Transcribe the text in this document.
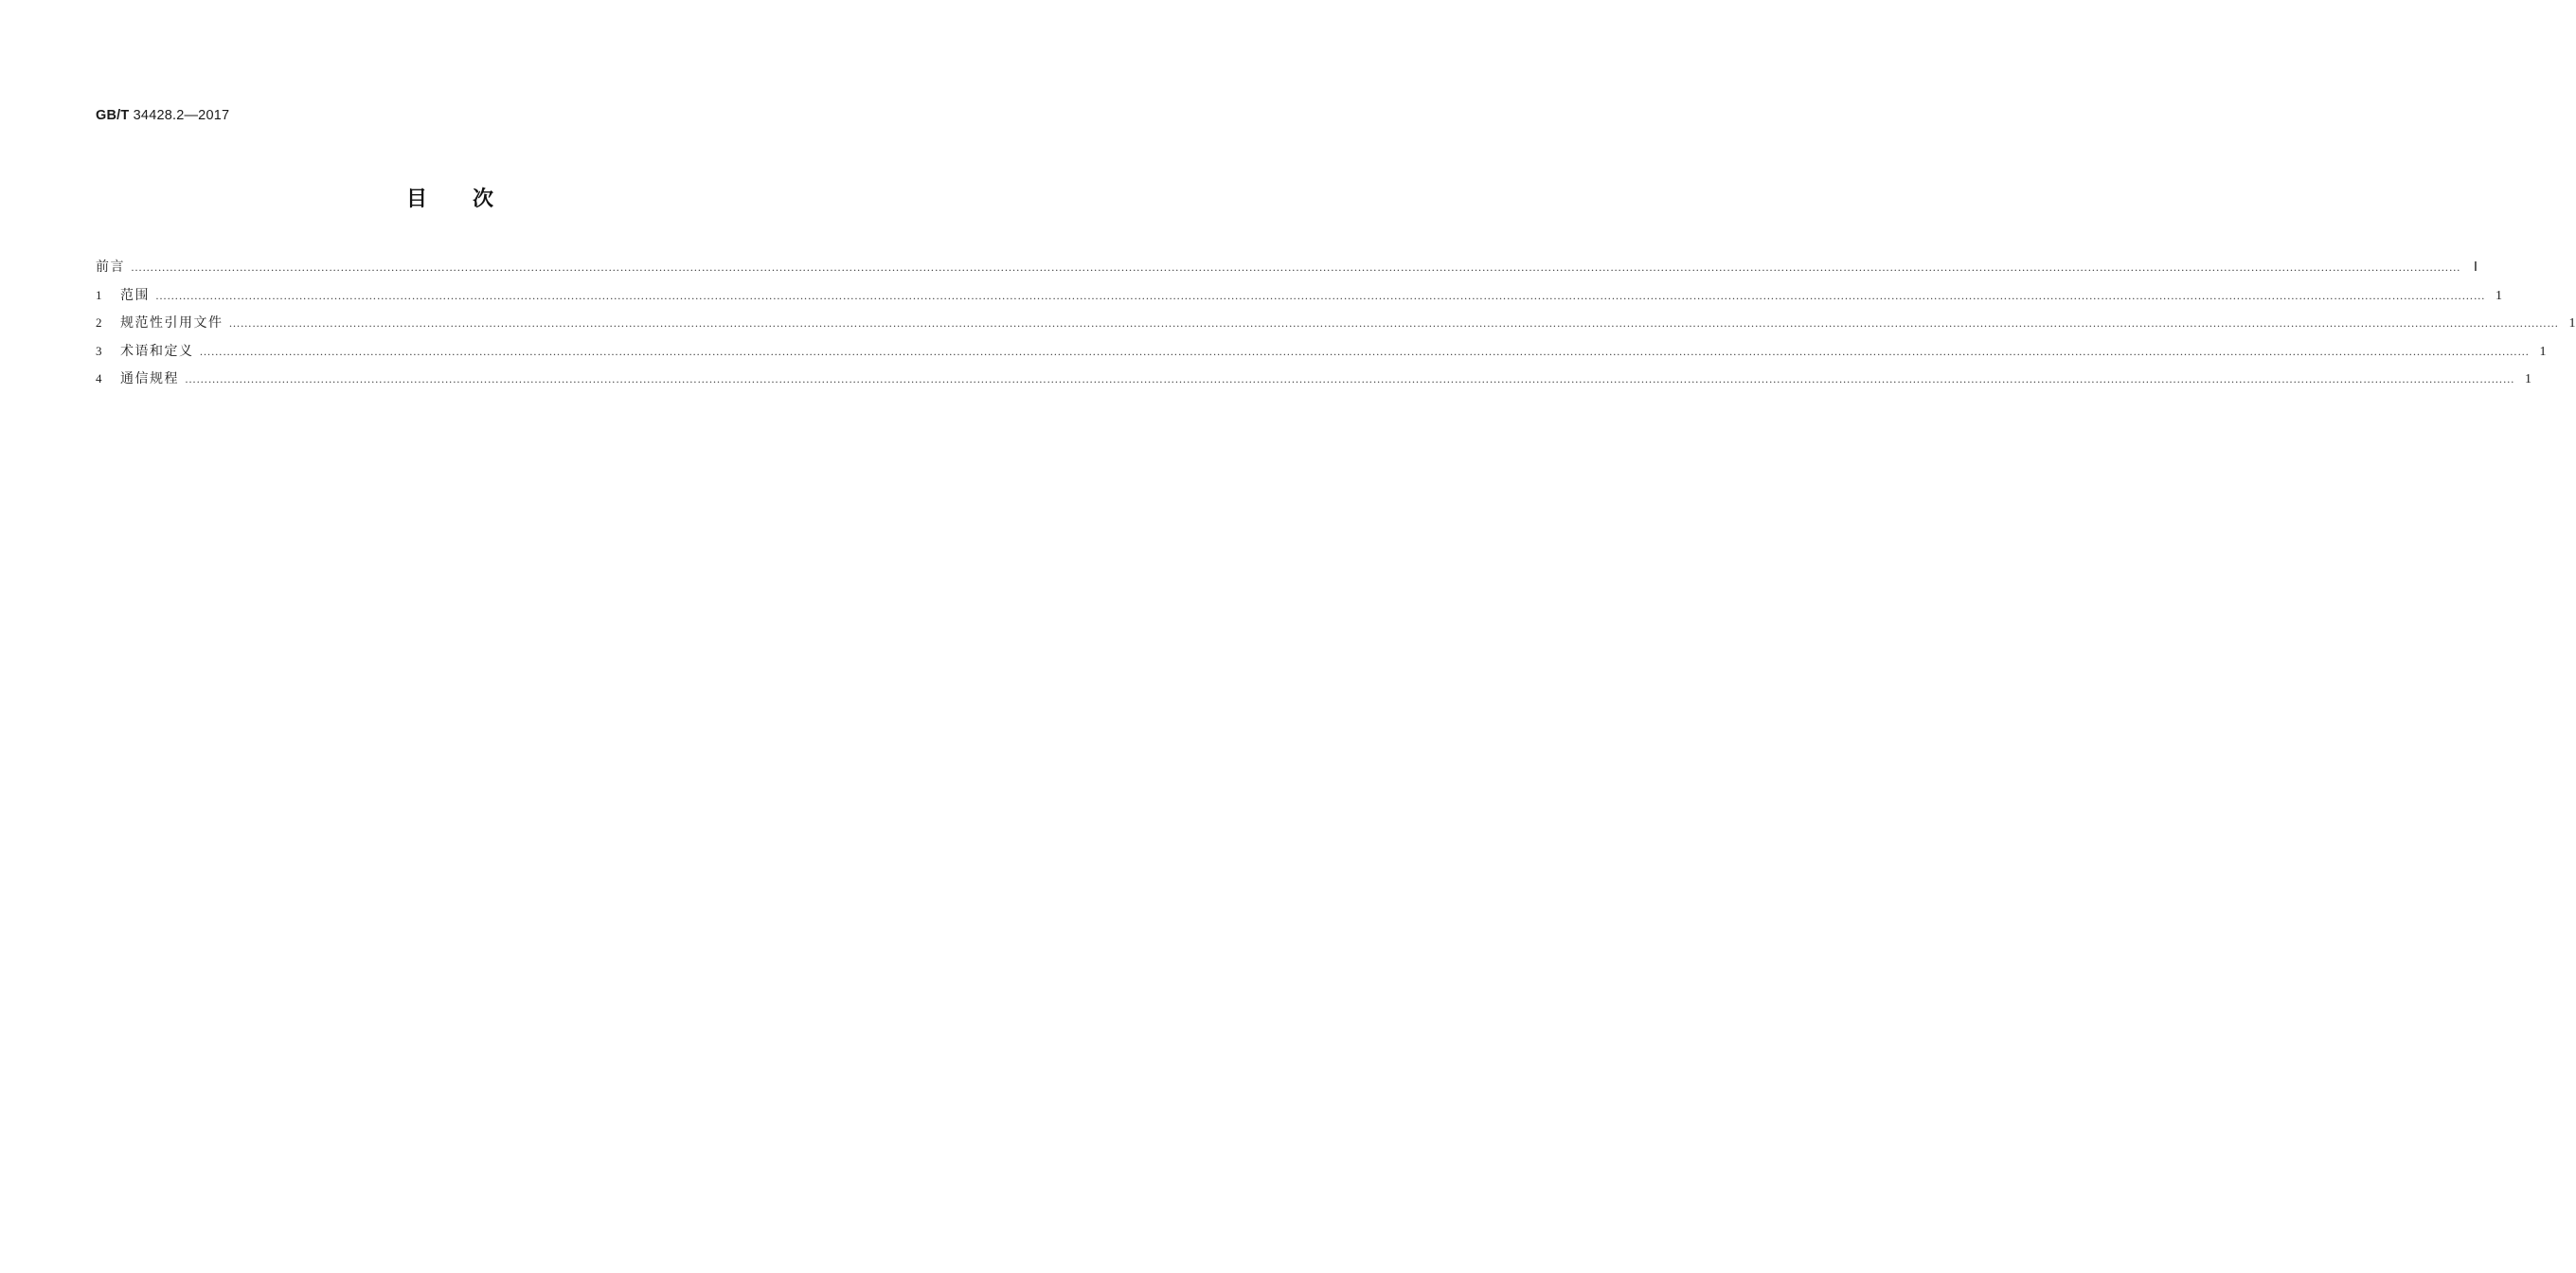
GB/T 34428.2—2017
目 次
前言 …………………………………………………………………………………………………………………………………………………………………………………………………………………………………………………………………………………………………………………………………………………………………………………………………………………………………………………………………………………………………………………………………………………… Ⅰ
1	范围 …………………………………………………………………………………………………………………………………………………………………………………………………………………………………………………………………………………………………………………………………………………………………………………………………………………………………………………………………………………………………………………………………………………… 1
2	规范性引用文件 …………………………………………………………………………………………………………………………………………………………………………………………………………………………………………………………………………………………………………………………………………………………………………………………………………………………………………………………………………………………………………………………………………………… 1
3	术语和定义 …………………………………………………………………………………………………………………………………………………………………………………………………………………………………………………………………………………………………………………………………………………………………………………………………………………………………………………………………………………………………………………………………………………… 1
4	通信规程 …………………………………………………………………………………………………………………………………………………………………………………………………………………………………………………………………………………………………………………………………………………………………………………………………………………………………………………………………………………………………………………………………………………… 1
